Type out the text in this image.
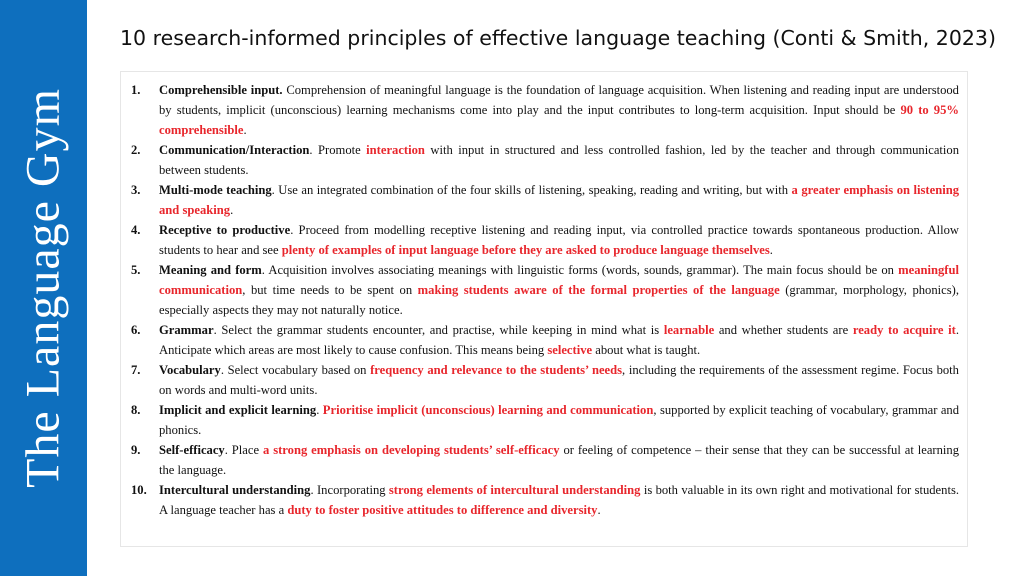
The Language Gym
10 research-informed principles of effective language teaching (Conti & Smith, 2023)
1.	Comprehensible input. Comprehension of meaningful language is the foundation of language acquisition. When listening and reading input are understood by students, implicit (unconscious) learning mechanisms come into play and the input contributes to long-term acquisition. Input should be 90 to 95% comprehensible.
2.	Communication/Interaction. Promote interaction with input in structured and less controlled fashion, led by the teacher and through communication between students.
3.	Multi-mode teaching. Use an integrated combination of the four skills of listening, speaking, reading and writing, but with a greater emphasis on listening and speaking.
4.	Receptive to productive. Proceed from modelling receptive listening and reading input, via controlled practice towards spontaneous production. Allow students to hear and see plenty of examples of input language before they are asked to produce language themselves.
5.	Meaning and form. Acquisition involves associating meanings with linguistic forms (words, sounds, grammar). The main focus should be on meaningful communication, but time needs to be spent on making students aware of the formal properties of the language (grammar, morphology, phonics), especially aspects they may not naturally notice.
6.	Grammar. Select the grammar students encounter, and practise, while keeping in mind what is learnable and whether students are ready to acquire it. Anticipate which areas are most likely to cause confusion. This means being selective about what is taught.
7.	Vocabulary. Select vocabulary based on frequency and relevance to the students’ needs, including the requirements of the assessment regime. Focus both on words and multi-word units.
8.	Implicit and explicit learning. Prioritise implicit (unconscious) learning and communication, supported by explicit teaching of vocabulary, grammar and phonics.
9.	Self-efficacy. Place a strong emphasis on developing students’ self-efficacy or feeling of competence – their sense that they can be successful at learning the language.
10. Intercultural understanding. Incorporating strong elements of intercultural understanding is both valuable in its own right and motivational for students. A language teacher has a duty to foster positive attitudes to difference and diversity.
